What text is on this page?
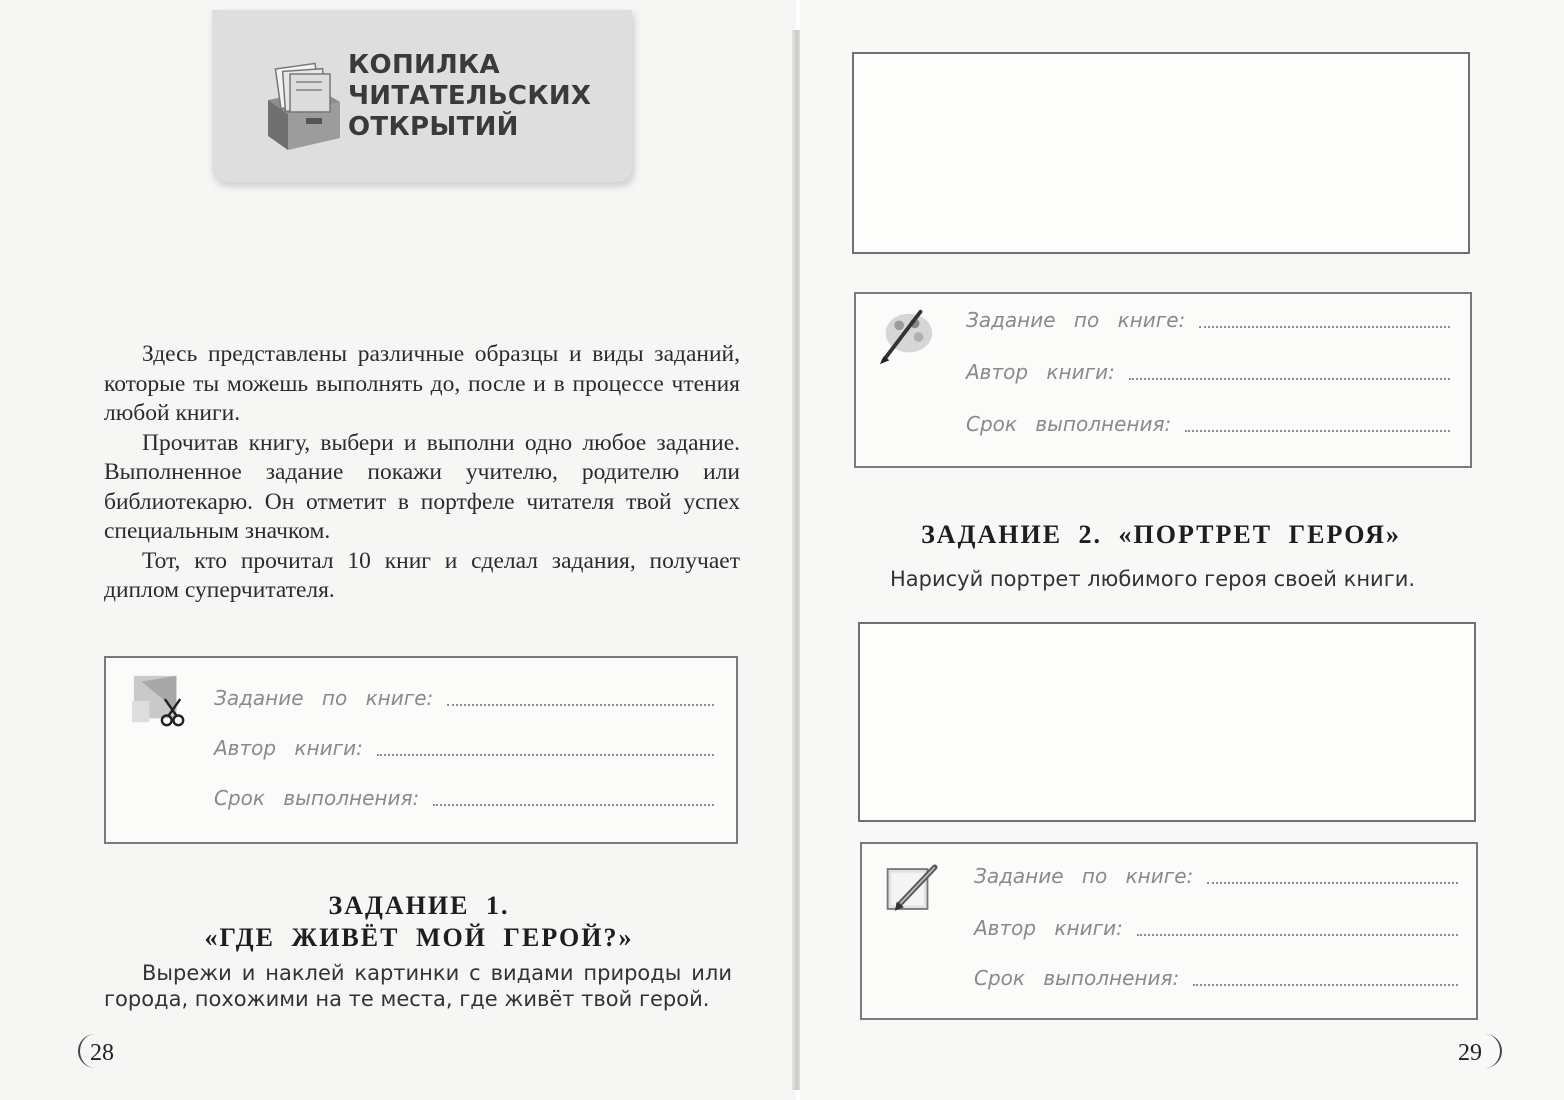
КОПИЛКА
ЧИТАТЕЛЬСКИХ
ОТКРЫТИЙ

Здесь представлены различные образцы и виды заданий, которые ты можешь выполнять до, после и в процессе чтения любой книги.

Прочитав книгу, выбери и выполни одно любое задание. Выполненное задание покажи учителю, родителю или библиотекарю. Он отметит в портфеле читателя твой успех специальным значком.

Тот, кто прочитал 10 книг и сделал задания, получает диплом суперчитателя.

Задание по книге:
Автор книги:
Срок выполнения:
ЗАДАНИЕ 1.
«ГДЕ ЖИВЁТ МОЙ ГЕРОЙ?»
Вырежи и наклей картинки с видами природы или города, похожими на те места, где живёт твой герой.
28
Задание по книге:
Автор книги:
Срок выполнения:
ЗАДАНИЕ 2. «ПОРТРЕТ ГЕРОЯ»
Нарисуй портрет любимого героя своей книги.
Задание по книге:
Автор книги:
Срок выполнения:
29
